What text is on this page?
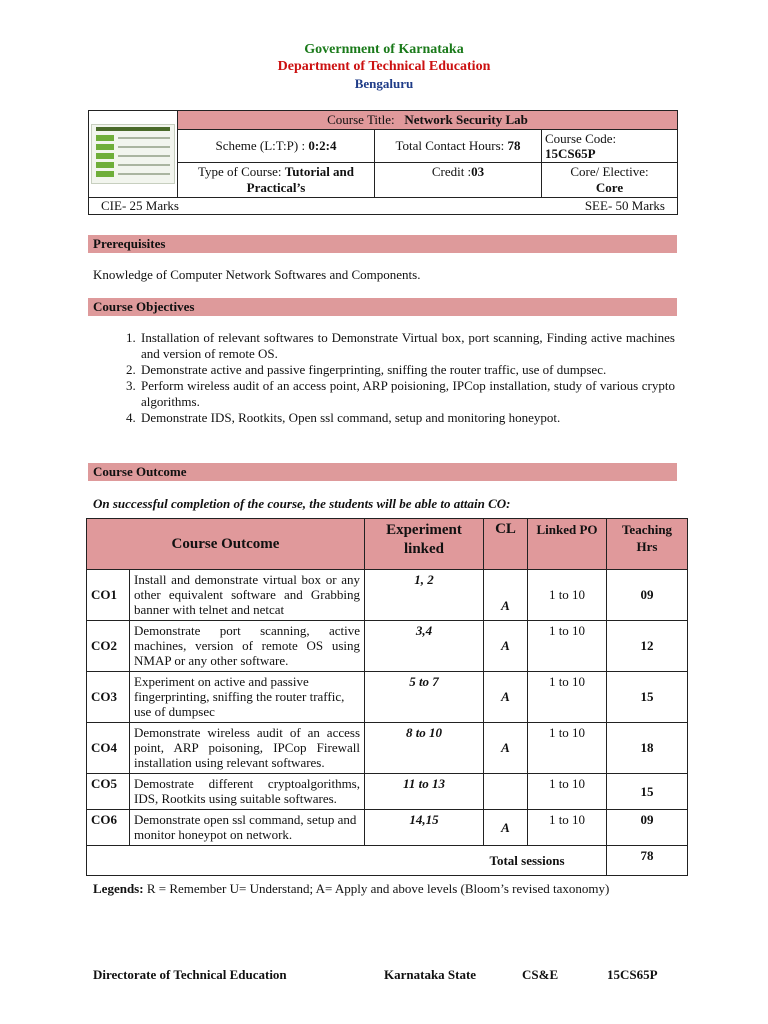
Government of Karnataka
Department of Technical Education
Bengaluru
	Course Title: Network Security Lab		
	Scheme (L:T:P) : 0:2:4	Total Contact Hours: 78	Course Code:
15CS65P
	Type of Course: Tutorial and Practical’s	Credit :03	Core/ Elective:
Core
CIE- 25 Marks SEE- 50 Marks			
Prerequisites
Knowledge of Computer Network Softwares and Components.
Course Objectives
1. Installation of relevant softwares to Demonstrate Virtual box, port scanning, Finding active machines and version of remote OS.
2. Demonstrate active and passive fingerprinting, sniffing the router traffic, use of dumpsec.
3. Perform wireless audit of an access point, ARP poisioning, IPCop installation, study of various crypto algorithms.
4. Demonstrate IDS, Rootkits, Open ssl command, setup and monitoring honeypot.
Course Outcome
On successful completion of the course, the students will be able to attain CO:
Course Outcome		Experiment linked	CL	Linked PO	Teaching Hrs
CO1	Install and demonstrate virtual box or any other equivalent software and Grabbing banner with telnet and netcat	1, 2	A	1 to 10	09
CO2	Demonstrate port scanning, active machines, version of remote OS using NMAP or any other software.	3,4	A	1 to 10	12
CO3	Experiment on active and passive fingerprinting, sniffing the router traffic, use of dumpsec	5 to 7	A	1 to 10	15
CO4	Demonstrate wireless audit of an access point, ARP poisoning, IPCop Firewall installation using relevant softwares.	8 to 10	A	1 to 10	18
CO5	Demostrate different cryptoalgorithms, IDS, Rootkits using suitable softwares.	11 to 13		1 to 10	15
CO6	Demonstrate open ssl command, setup and monitor honeypot on network.	14,15	A	1 to 10	09
			Total sessions		78
Legends: R = Remember U= Understand; A= Apply and above levels (Bloom’s revised taxonomy)
Directorate of Technical Education	Karnataka State	CS&E	15CS65P
